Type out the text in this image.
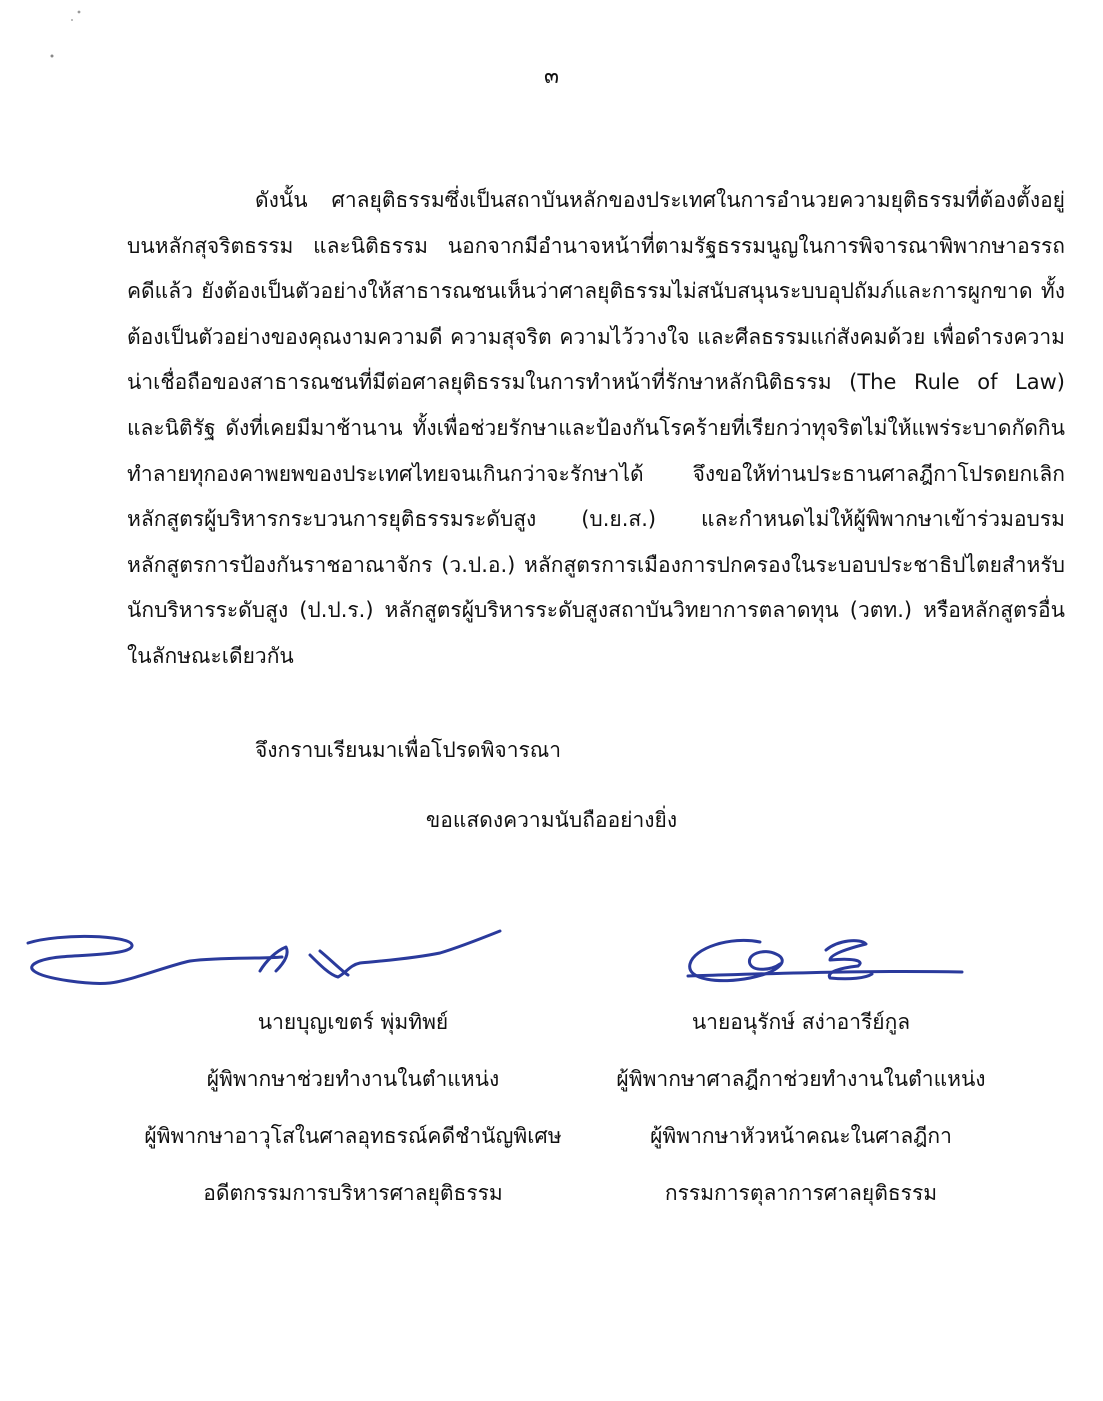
๓
ดังนั้น ศาลยุติธรรมซึ่งเป็นสถาบันหลักของประเทศในการอำนวยความยุติธรรมที่ต้องตั้งอยู่บนหลักสุจริตธรรม และนิติธรรม นอกจากมีอำนาจหน้าที่ตามรัฐธรรมนูญในการพิจารณาพิพากษาอรรถคดีแล้ว ยังต้องเป็นตัวอย่างให้สาธารณชนเห็นว่าศาลยุติธรรมไม่สนับสนุนระบบอุปถัมภ์และการผูกขาด ทั้งต้องเป็นตัวอย่างของคุณงามความดี ความสุจริต ความไว้วางใจ และศีลธรรมแก่สังคมด้วย เพื่อดำรงความน่าเชื่อถือของสาธารณชนที่มีต่อศาลยุติธรรมในการทำหน้าที่รักษาหลักนิติธรรม (The Rule of Law) และนิติรัฐ ดังที่เคยมีมาช้านาน ทั้งเพื่อช่วยรักษาและป้องกันโรคร้ายที่เรียกว่าทุจริตไม่ให้แพร่ระบาดกัดกินทำลายทุกองคาพยพของประเทศไทยจนเกินกว่าจะรักษาได้ จึงขอให้ท่านประธานศาลฎีกาโปรดยกเลิกหลักสูตรผู้บริหารกระบวนการยุติธรรมระดับสูง (บ.ย.ส.) และกำหนดไม่ให้ผู้พิพากษาเข้าร่วมอบรมหลักสูตรการป้องกันราชอาณาจักร (ว.ป.อ.) หลักสูตรการเมืองการปกครองในระบอบประชาธิปไตยสำหรับนักบริหารระดับสูง (ป.ป.ร.) หลักสูตรผู้บริหารระดับสูงสถาบันวิทยาการตลาดทุน (วตท.) หรือหลักสูตรอื่นในลักษณะเดียวกัน
จึงกราบเรียนมาเพื่อโปรดพิจารณา
ขอแสดงความนับถืออย่างยิ่ง
นายบุญเขตร์ พุ่มทิพย์
ผู้พิพากษาช่วยทำงานในตำแหน่ง
ผู้พิพากษาอาวุโสในศาลอุทธรณ์คดีชำนัญพิเศษ
อดีตกรรมการบริหารศาลยุติธรรม
นายอนุรักษ์ สง่าอารีย์กูล
ผู้พิพากษาศาลฎีกาช่วยทำงานในตำแหน่ง
ผู้พิพากษาหัวหน้าคณะในศาลฎีกา
กรรมการตุลาการศาลยุติธรรม
